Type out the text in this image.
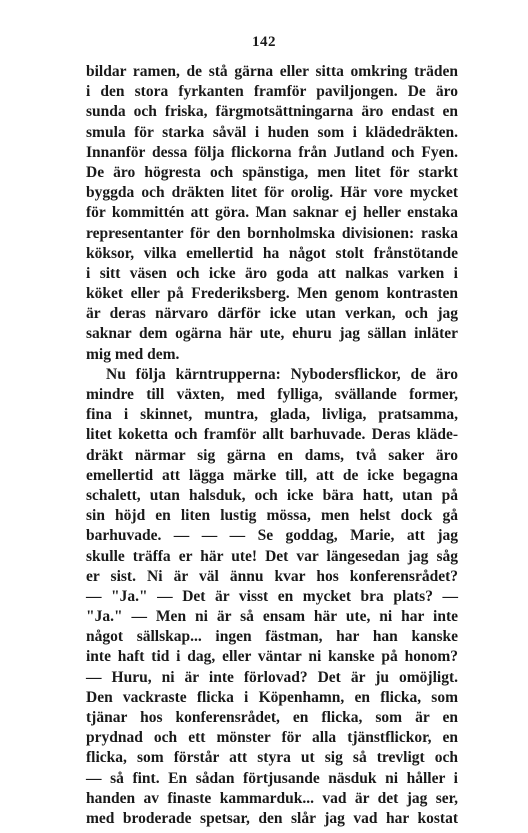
142
bildar ramen, de stå gärna eller sitta omkring träden
i den stora fyrkanten framför paviljongen. De äro
sunda och friska, färgmotsättningarna äro endast en
smula för starka såväl i huden som i klädedräkten.
Innanför dessa följa flickorna från Jutland och Fyen.
De äro högresta och spänstiga, men litet för starkt
byggda och dräkten litet för orolig. Här vore mycket
för kommittén att göra. Man saknar ej heller enstaka
representanter för den bornholmska divisionen: raska
köksor, vilka emellertid ha något stolt frånstötande
i sitt väsen och icke äro goda att nalkas varken i
köket eller på Frederiksberg. Men genom kontrasten
är deras närvaro därför icke utan verkan, och jag
saknar dem ogärna här ute, ehuru jag sällan inläter
mig med dem.
Nu följa kärntrupperna: Nybodersflickor, de äro
mindre till växten, med fylliga, svällande former,
fina i skinnet, muntra, glada, livliga, pratsamma,
litet koketta och framför allt barhuvade. Deras kläde-
dräkt närmar sig gärna en dams, två saker äro
emellertid att lägga märke till, att de icke begagna
schalett, utan halsduk, och icke bära hatt, utan på
sin höjd en liten lustig mössa, men helst dock gå
barhuvade. — — — Se goddag, Marie, att jag
skulle träffa er här ute! Det var längesedan jag såg
er sist. Ni är väl ännu kvar hos konferensrådet?
— "Ja." — Det är visst en mycket bra plats? —
"Ja." — Men ni är så ensam här ute, ni har inte
något sällskap... ingen fästman, har han kanske
inte haft tid i dag, eller väntar ni kanske på honom?
— Huru, ni är inte förlovad? Det är ju omöjligt.
Den vackraste flicka i Köpenhamn, en flicka, som
tjänar hos konferensrådet, en flicka, som är en
prydnad och ett mönster för alla tjänstflickor, en
flicka, som förstår att styra ut sig så trevligt och
— så fint. En sådan förtjusande näsduk ni håller i
handen av finaste kammarduk... vad är det jag ser,
med broderade spetsar, den slår jag vad har kostat
